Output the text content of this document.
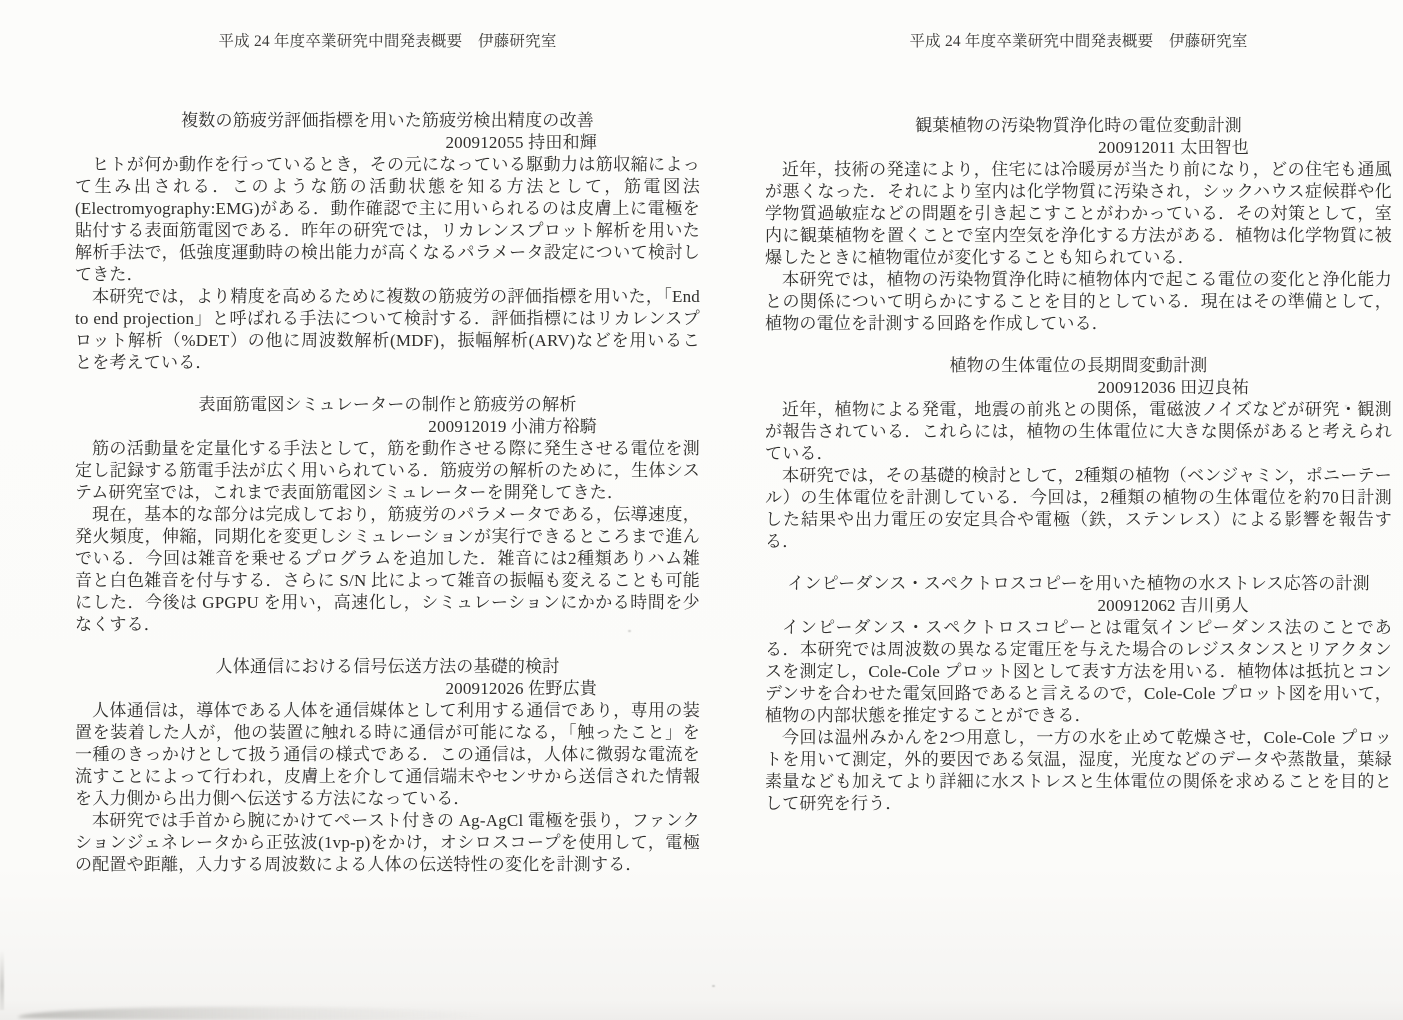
平成 24 年度卒業研究中間発表概要　伊藤研究室
複数の筋疲労評価指標を用いた筋疲労検出精度の改善
200912055 持田和輝

ヒトが何か動作を行っているとき，その元になっている駆動力は筋収縮によって生み出される．このような筋の活動状態を知る方法として，筋電図法(Electromyography:EMG)がある．動作確認で主に用いられるのは皮膚上に電極を貼付する表面筋電図である．昨年の研究では，リカレンスプロット解析を用いた解析手法で，低強度運動時の検出能力が高くなるパラメータ設定について検討してきた．

本研究では，より精度を高めるために複数の筋疲労の評価指標を用いた，「End to end projection」と呼ばれる手法について検討する．評価指標にはリカレンスプロット解析（%DET）の他に周波数解析(MDF)，振幅解析(ARV)などを用いることを考えている．

表面筋電図シミュレーターの制作と筋疲労の解析
200912019 小浦方裕騎

筋の活動量を定量化する手法として，筋を動作させる際に発生させる電位を測定し記録する筋電手法が広く用いられている．筋疲労の解析のために，生体システム研究室では，これまで表面筋電図シミュレーターを開発してきた．

現在，基本的な部分は完成しており，筋疲労のパラメータである，伝導速度，発火頻度，伸縮，同期化を変更しシミュレーションが実行できるところまで進んでいる．今回は雑音を乗せるプログラムを追加した．雑音には2種類ありハム雑音と白色雑音を付与する．さらに S/N 比によって雑音の振幅も変えることも可能にした．今後は GPGPU を用い，高速化し，シミュレーションにかかる時間を少なくする．

人体通信における信号伝送方法の基礎的検討
200912026 佐野広貴

人体通信は，導体である人体を通信媒体として利用する通信であり，専用の装置を装着した人が，他の装置に触れる時に通信が可能になる，「触ったこと」を一種のきっかけとして扱う通信の様式である．この通信は，人体に微弱な電流を流すことによって行われ，皮膚上を介して通信端末やセンサから送信された情報を入力側から出力側へ伝送する方法になっている．

本研究では手首から腕にかけてペースト付きの Ag-AgCl 電極を張り，ファンクションジェネレータから正弦波(1vp-p)をかけ，オシロスコープを使用して，電極の配置や距離，入力する周波数による人体の伝送特性の変化を計測する．

平成 24 年度卒業研究中間発表概要　伊藤研究室
観葉植物の汚染物質浄化時の電位変動計測
200912011 太田智也

近年，技術の発達により，住宅には冷暖房が当たり前になり，どの住宅も通風が悪くなった．それにより室内は化学物質に汚染され，シックハウス症候群や化学物質過敏症などの問題を引き起こすことがわかっている．その対策として，室内に観葉植物を置くことで室内空気を浄化する方法がある．植物は化学物質に被爆したときに植物電位が変化することも知られている．

本研究では，植物の汚染物質浄化時に植物体内で起こる電位の変化と浄化能力との関係について明らかにすることを目的としている．現在はその準備として，植物の電位を計測する回路を作成している．

植物の生体電位の長期間変動計測
200912036 田辺良祐

近年，植物による発電，地震の前兆との関係，電磁波ノイズなどが研究・観測が報告されている．これらには，植物の生体電位に大きな関係があると考えられている．

本研究では，その基礎的検討として，2種類の植物（ベンジャミン，ポニーテール）の生体電位を計測している．今回は，2種類の植物の生体電位を約70日計測した結果や出力電圧の安定具合や電極（鉄，ステンレス）による影響を報告する．

インピーダンス・スペクトロスコピーを用いた植物の水ストレス応答の計測
200912062 吉川勇人

インピーダンス・スペクトロスコピーとは電気インピーダンス法のことである．本研究では周波数の異なる定電圧を与えた場合のレジスタンスとリアクタンスを測定し，Cole-Cole プロット図として表す方法を用いる．植物体は抵抗とコンデンサを合わせた電気回路であると言えるので，Cole-Cole プロット図を用いて，植物の内部状態を推定することができる．

今回は温州みかんを2つ用意し，一方の水を止めて乾燥させ，Cole-Cole プロットを用いて測定，外的要因である気温，湿度，光度などのデータや蒸散量，葉緑素量なども加えてより詳細に水ストレスと生体電位の関係を求めることを目的として研究を行う．
